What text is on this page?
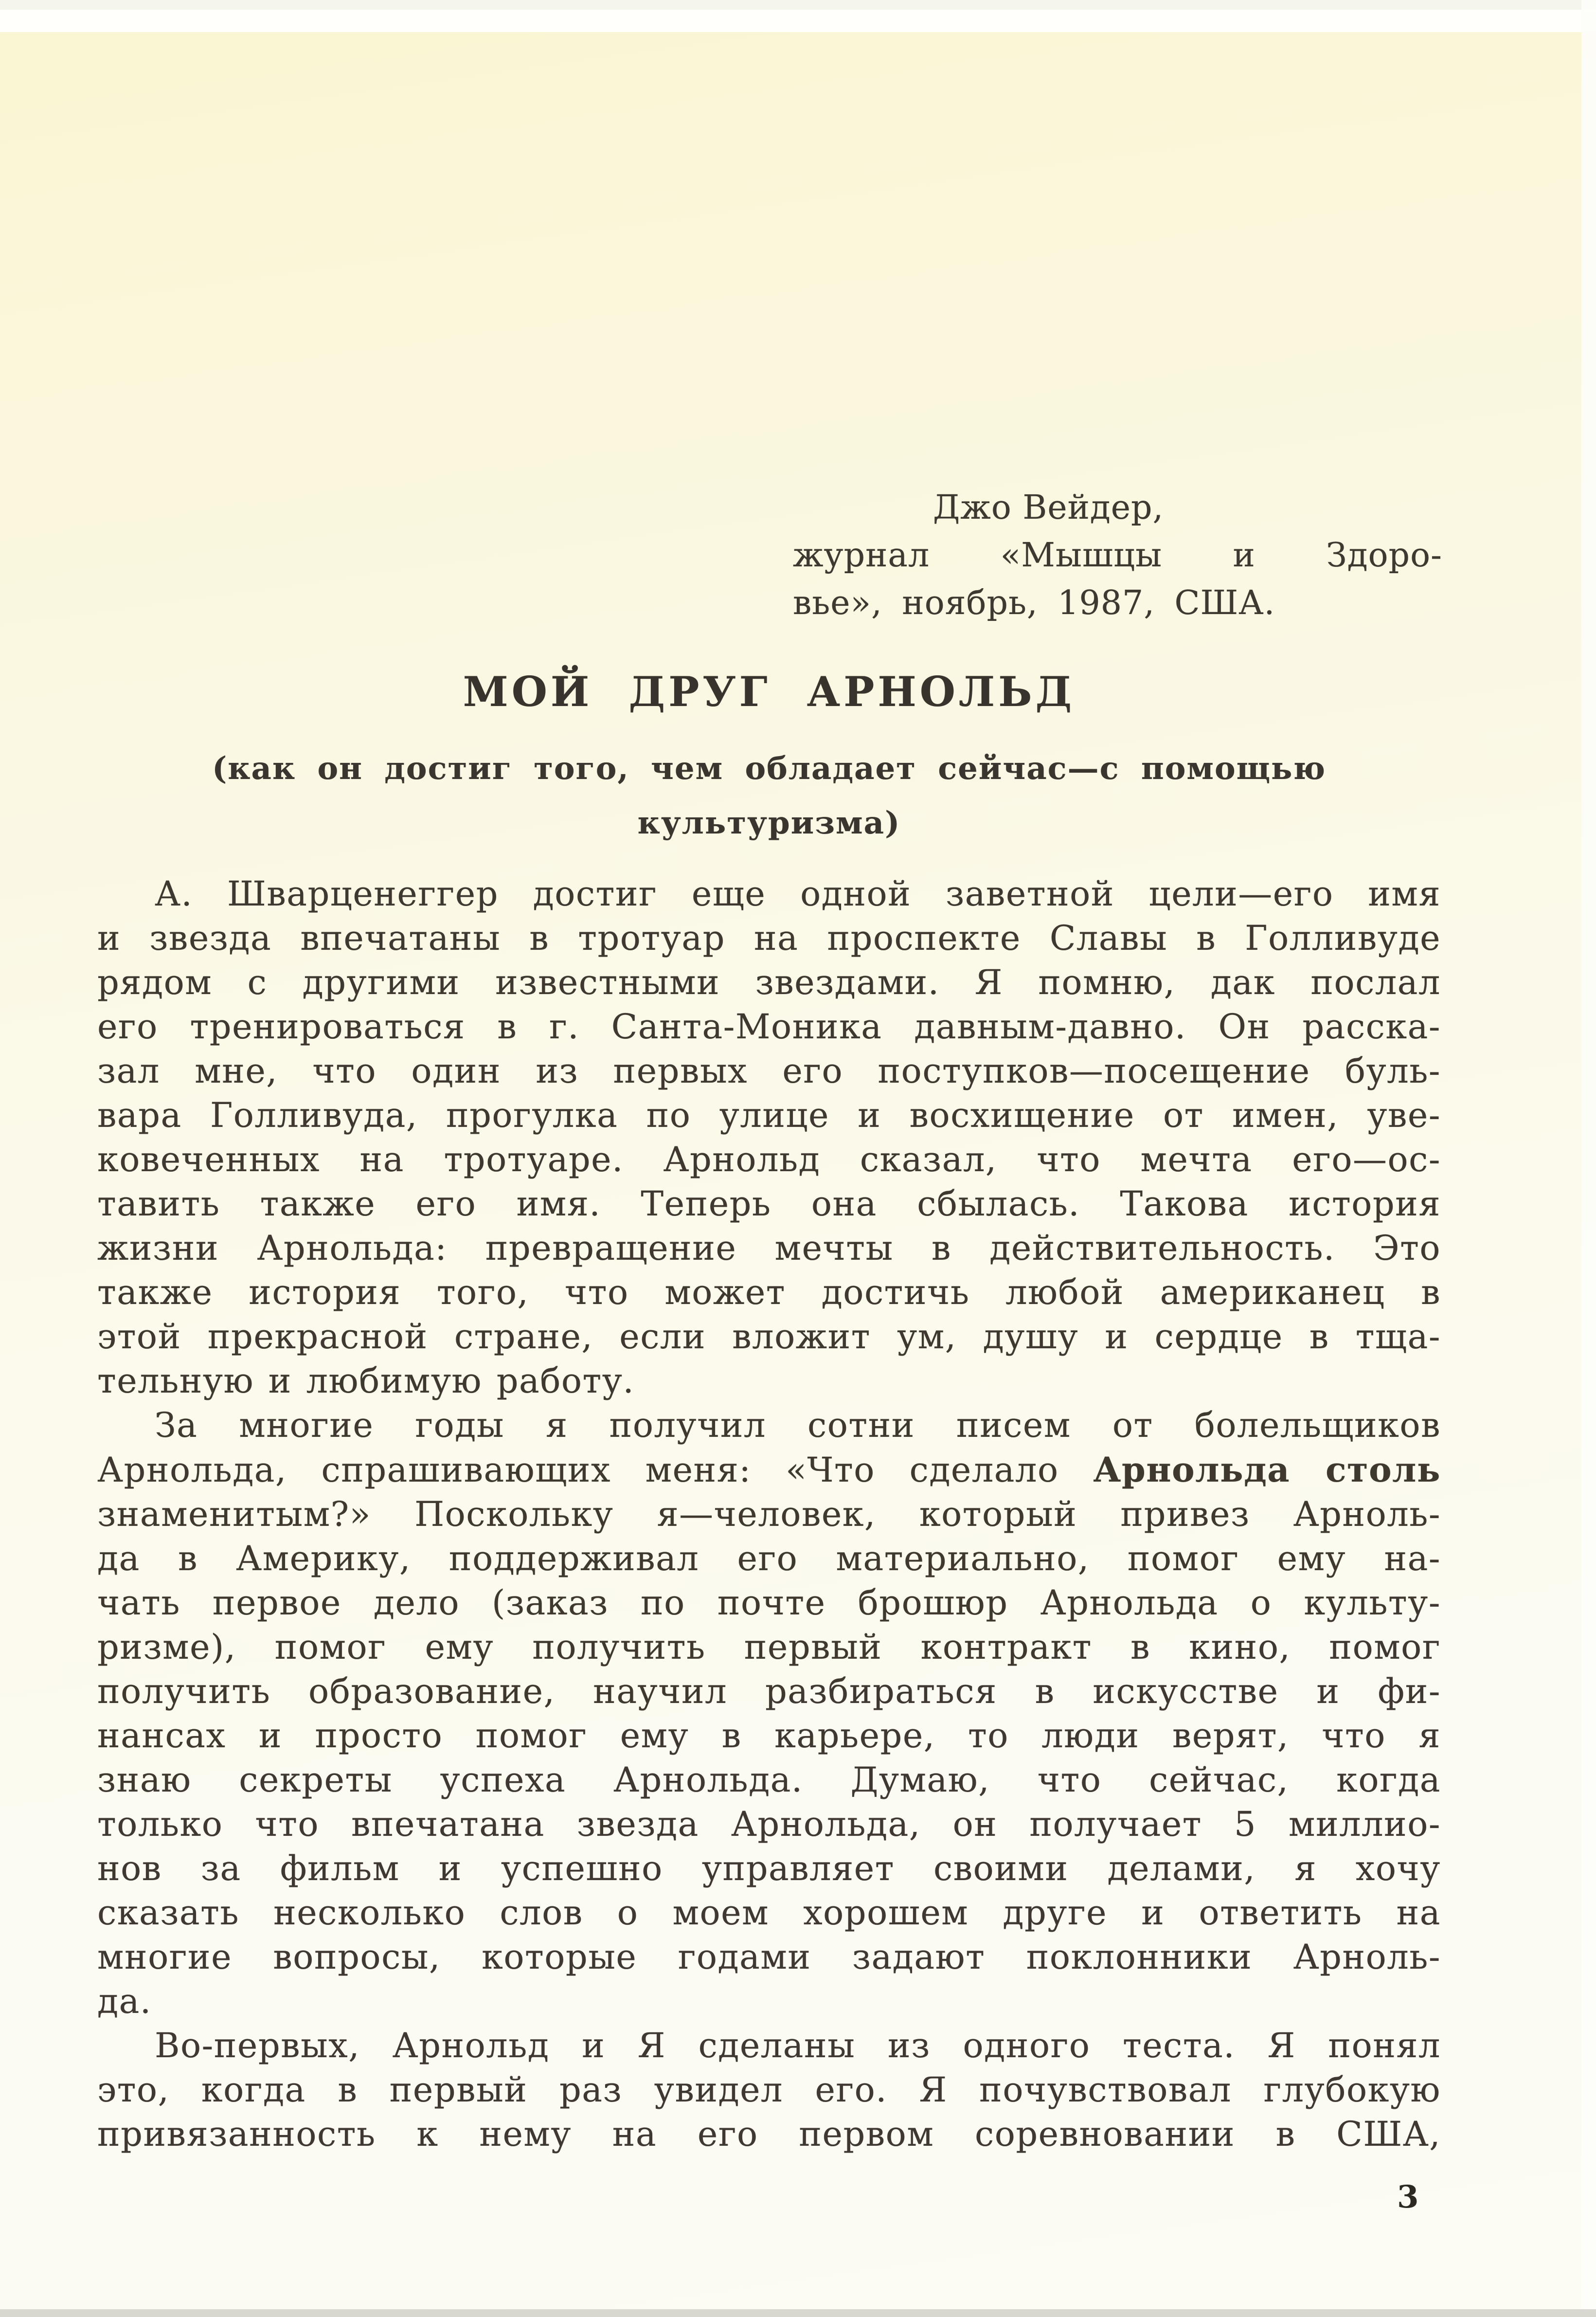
Джо Вейдер,
журнал «Мышцы и Здоро-
вье», ноябрь, 1987, США.
МОЙ ДРУГ АРНОЛЬД
(как он достиг того, чем обладает сейчас—с помощью
культуризма)
А. Шварценеггер достиг еще одной заветной цели—его имя
и звезда впечатаны в тротуар на проспекте Славы в Голливуде
рядом с другими известными звездами. Я помню, дак послал
его тренироваться в г. Санта-Моника давным-давно. Он расска-
зал мне, что один из первых его поступков—посещение буль-
вара Голливуда, прогулка по улице и восхищение от имен, уве-
ковеченных на тротуаре. Арнольд сказал, что мечта его—ос-
тавить также его имя. Теперь она сбылась. Такова история
жизни Арнольда: превращение мечты в действительность. Это
также история того, что может достичь любой американец в
этой прекрасной стране, если вложит ум, душу и сердце в тща-
тельную и любимую работу.
За многие годы я получил сотни писем от болельщиков
Арнольда, спрашивающих меня: «Что сделало Арнольда столь
знаменитым?» Поскольку я—человек, который привез Арноль-
да в Америку, поддерживал его материально, помог ему на-
чать первое дело (заказ по почте брошюр Арнольда о культу-
ризме), помог ему получить первый контракт в кино, помог
получить образование, научил разбираться в искусстве и фи-
нансах и просто помог ему в карьере, то люди верят, что я
знаю секреты успеха Арнольда. Думаю, что сейчас, когда
только что впечатана звезда Арнольда, он получает 5 миллио-
нов за фильм и успешно управляет своими делами, я хочу
сказать несколько слов о моем хорошем друге и ответить на
многие вопросы, которые годами задают поклонники Арноль-
да.
Во-первых, Арнольд и Я сделаны из одного теста. Я понял
это, когда в первый раз увидел его. Я почувствовал глубокую
привязанность к нему на его первом соревновании в США,
3
